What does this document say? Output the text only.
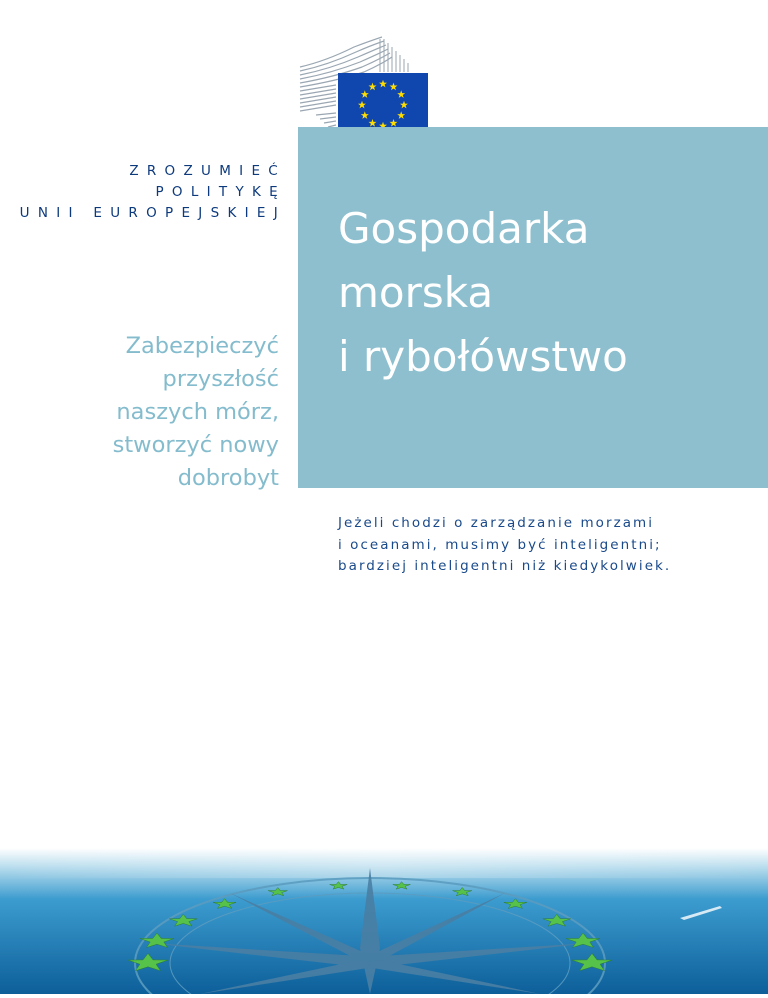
ZROZUMIEĆ
POLITYKĘ
UNII EUROPEJSKIEJ Gospodarka
morska
i rybołówstwo
Zabezpieczyć
przyszłość
naszych mórz,
stworzyć nowy
dobrobyt
Jeżeli chodzi o zarządzanie morzami
i oceanami, musimy być inteligentni;
bardziej inteligentni niż kiedykolwiek.
